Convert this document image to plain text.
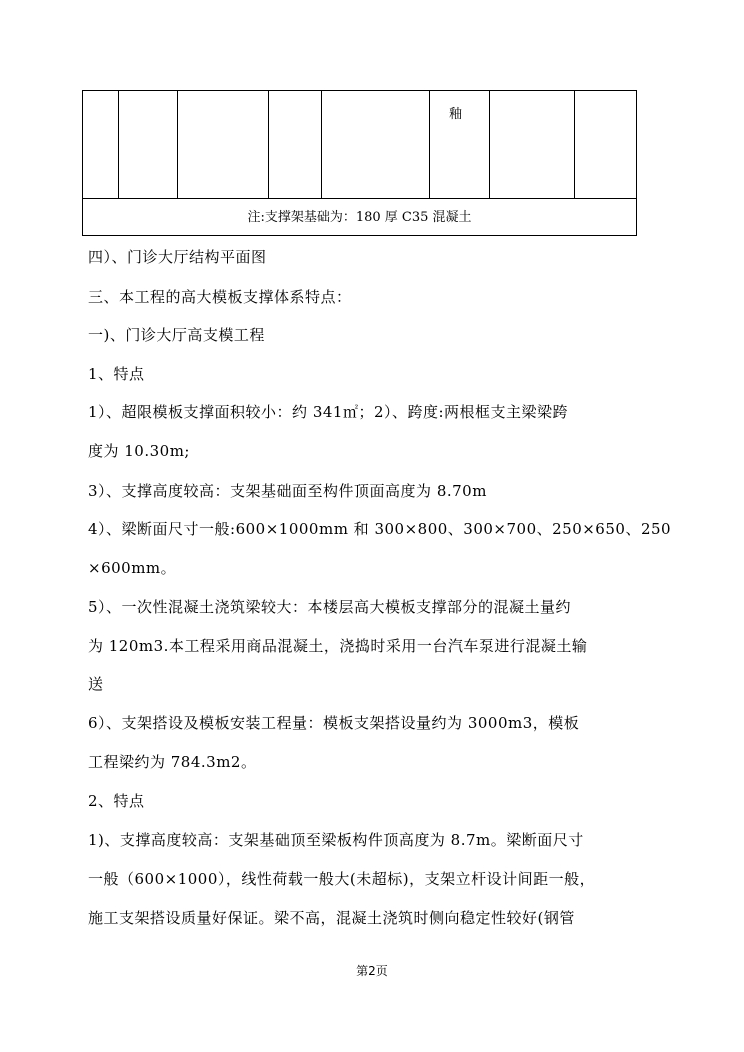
釉
注:支撑架基础为：180 厚 C35 混凝土
四）、门诊大厅结构平面图
三、本工程的高大模板支撑体系特点：
一)、门诊大厅高支模工程
1、特点
1）、超限模板支撑面积较小：约 341㎡；2）、跨度:两根框支主梁梁跨
度为 10.30m;
3）、支撑高度较高：支架基础面至构件顶面高度为 8.70m
4）、梁断面尺寸一般:600×1000mm 和 300×800、300×700、250×650、250
×600mm。
5）、一次性混凝土浇筑梁较大：本楼层高大模板支撑部分的混凝土量约
为 120m3.本工程采用商品混凝土，浇捣时采用一台汽车泵进行混凝土输
送
6）、支架搭设及模板安装工程量：模板支架搭设量约为 3000m3，模板
工程梁约为 784.3m2。
2、特点
1)、支撑高度较高：支架基础顶至梁板构件顶高度为 8.7m。梁断面尺寸
一般（600×1000），线性荷载一般大(未超标)，支架立杆设计间距一般，
施工支架搭设质量好保证。梁不高，混凝土浇筑时侧向稳定性较好(钢管
第2页
